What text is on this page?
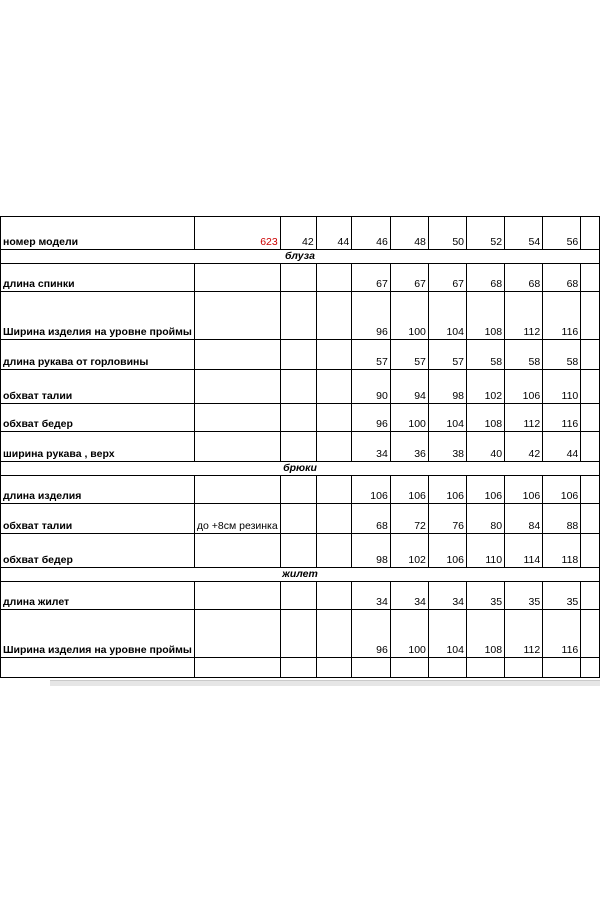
номер модели	623	42	44	46	48	50	52	54	56	
блуза										
длина спинки				67	67	67	68	68	68	
Ширина изделия на уровне проймы				96	100	104	108	112	116	
длина рукава от горловины				57	57	57	58	58	58	
обхват талии				90	94	98	102	106	110	
обхват бедер				96	100	104	108	112	116	
ширина рукава , верх				34	36	38	40	42	44	
брюки										
длина изделия				106	106	106	106	106	106	
обхват талии	до +8см резинка			68	72	76	80	84	88	
обхват бедер				98	102	106	110	114	118	
жилет										
длина жилет				34	34	34	35	35	35	
Ширина изделия на уровне проймы				96	100	104	108	112	116	
